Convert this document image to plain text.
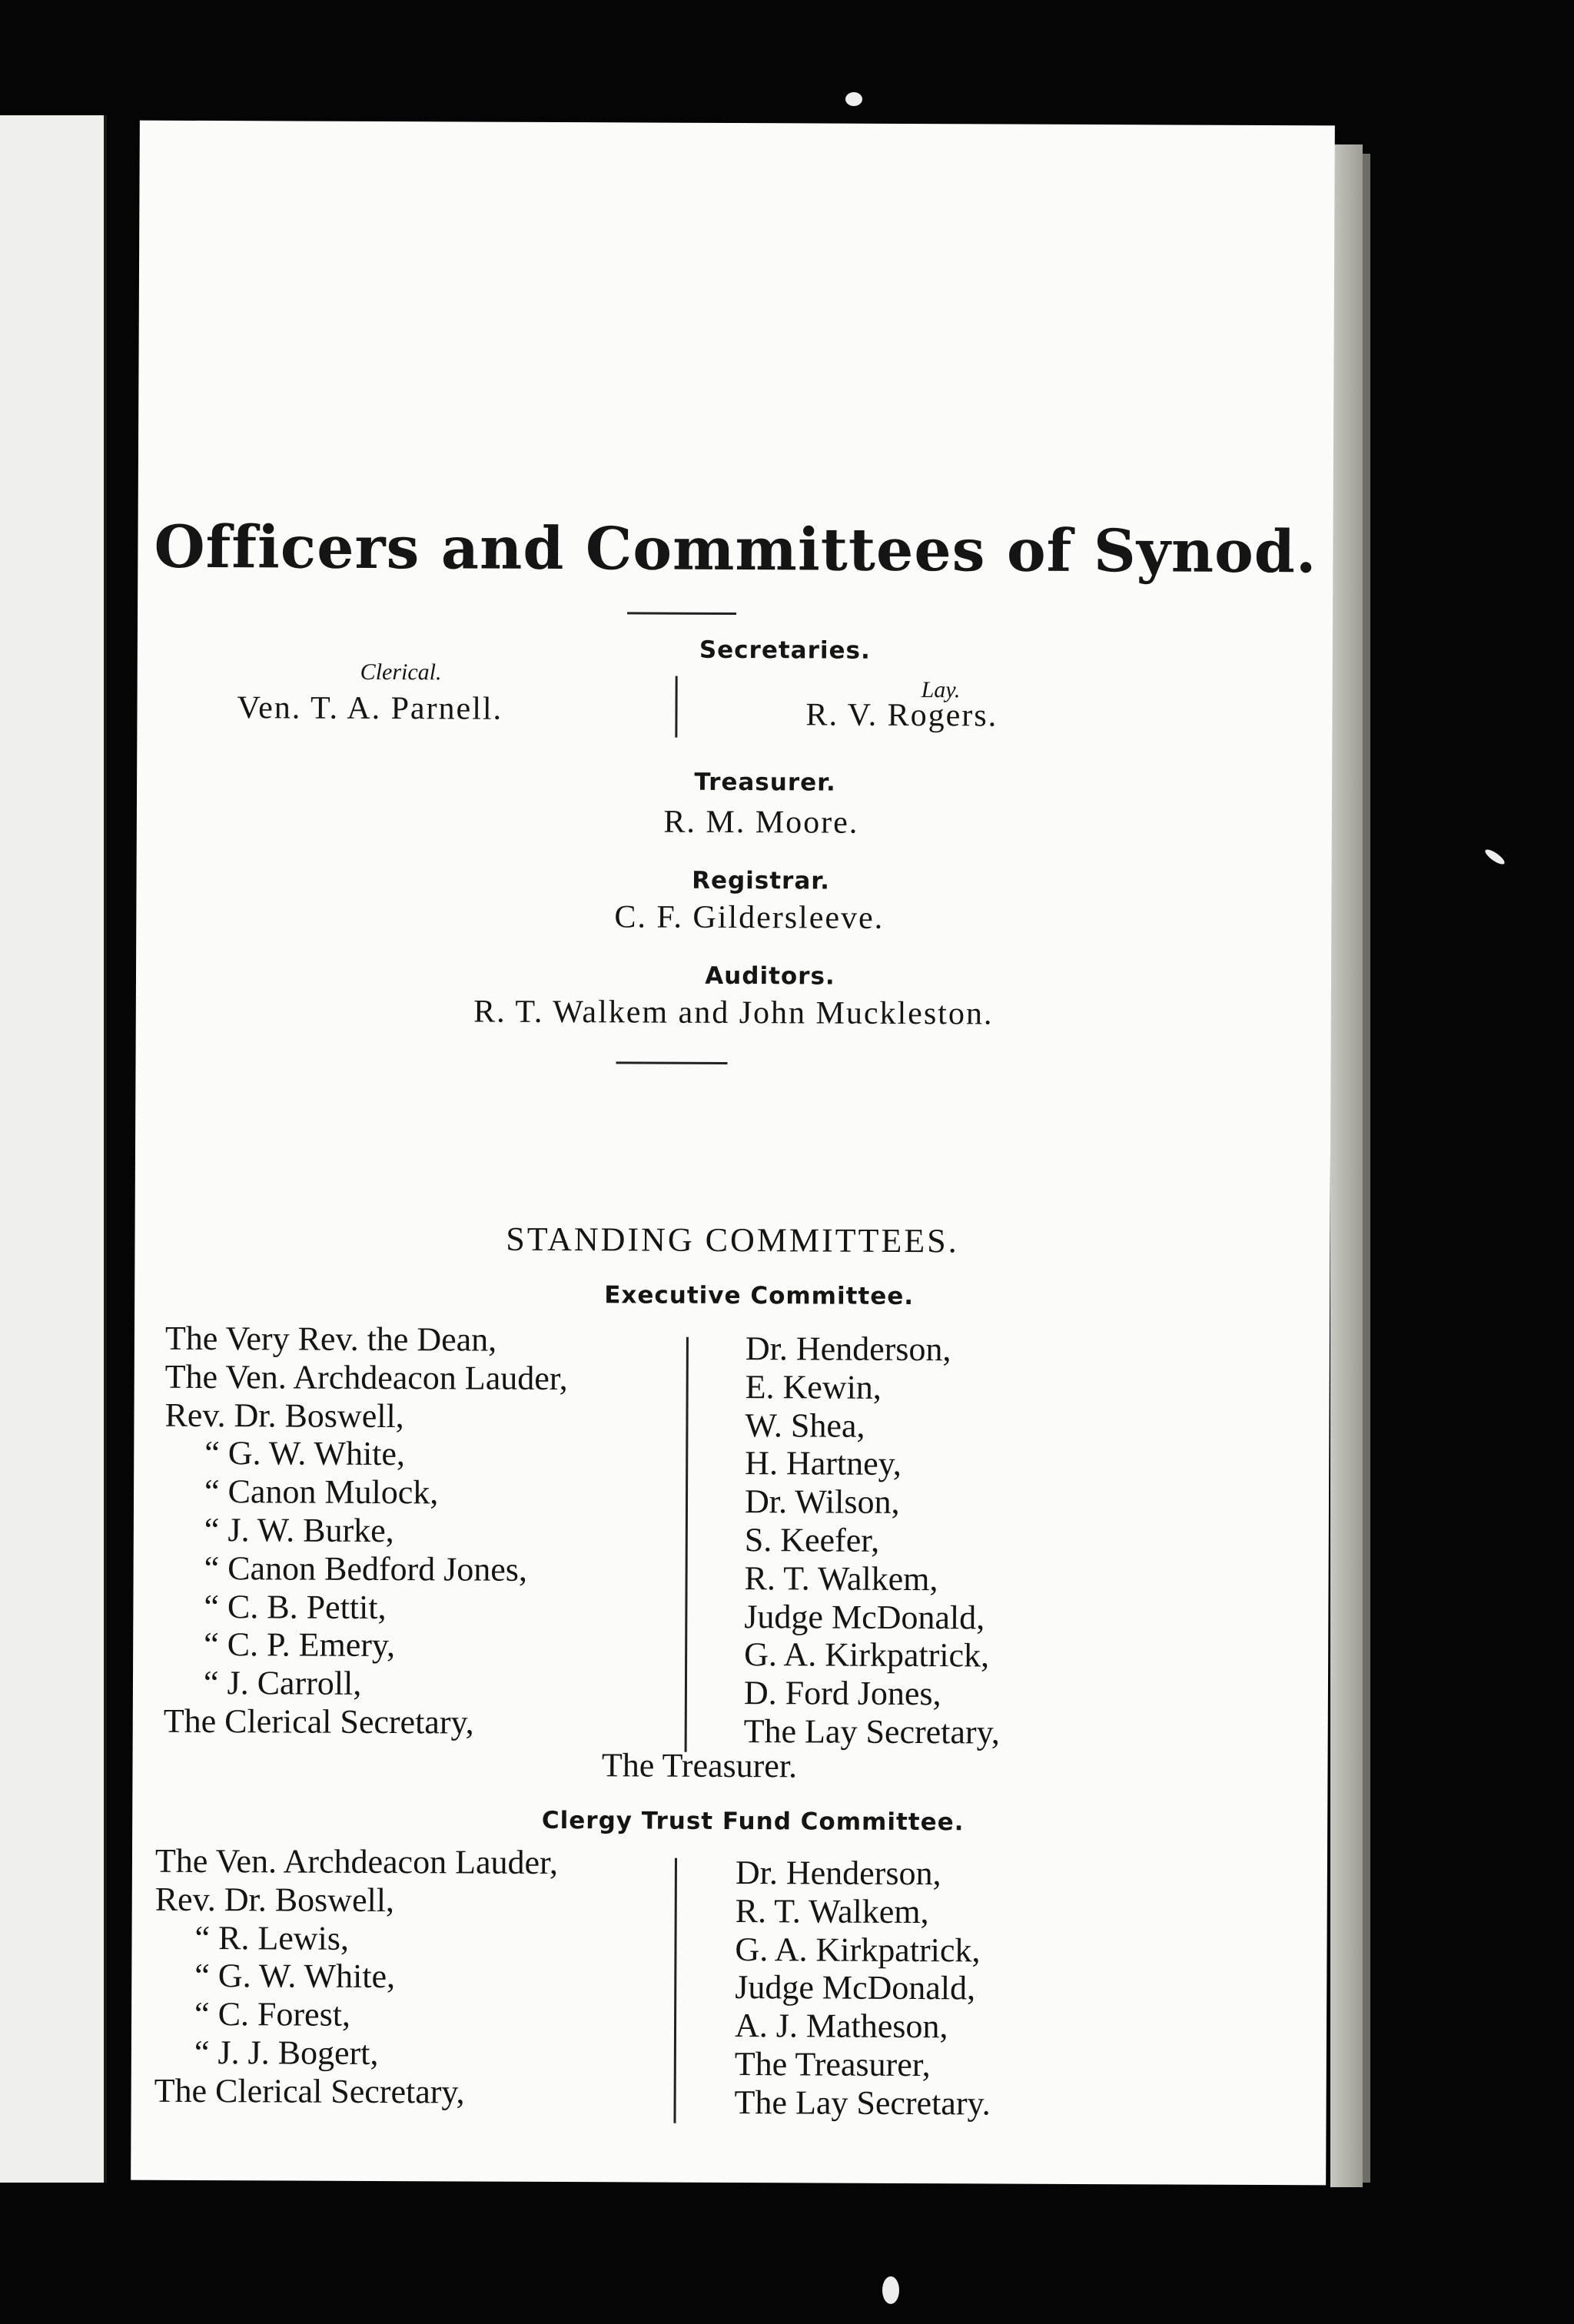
Officers and Committees of Synod.
Secretaries.
Clerical.
Lay.
Ven. T. A. Parnell.	R. V. Rogers.
Treasurer.
R. M. Moore.
Registrar.
C. F. Gildersleeve.
Auditors.
R. T. Walkem and John Muckleston.
STANDING COMMITTEES.
Executive Committee.
The Very Rev. the Dean,
The Ven. Archdeacon Lauder,
Rev. Dr. Boswell,
“ G. W. White,
“ Canon Mulock,
“ J. W. Burke,
“ Canon Bedford Jones,
“ C. B. Pettit,
“ C. P. Emery,
“ J. Carroll,
The Clerical Secretary,
Dr. Henderson,
E. Kewin,
W. Shea,
H. Hartney,
Dr. Wilson,
S. Keefer,
R. T. Walkem,
Judge McDonald,
G. A. Kirkpatrick,
D. Ford Jones,
The Lay Secretary,
The Treasurer.
Clergy Trust Fund Committee.
The Ven. Archdeacon Lauder,
Rev. Dr. Boswell,
“ R. Lewis,
“ G. W. White,
“ C. Forest,
“ J. J. Bogert,
The Clerical Secretary,
Dr. Henderson,
R. T. Walkem,
G. A. Kirkpatrick,
Judge McDonald,
A. J. Matheson,
The Treasurer,
The Lay Secretary.
